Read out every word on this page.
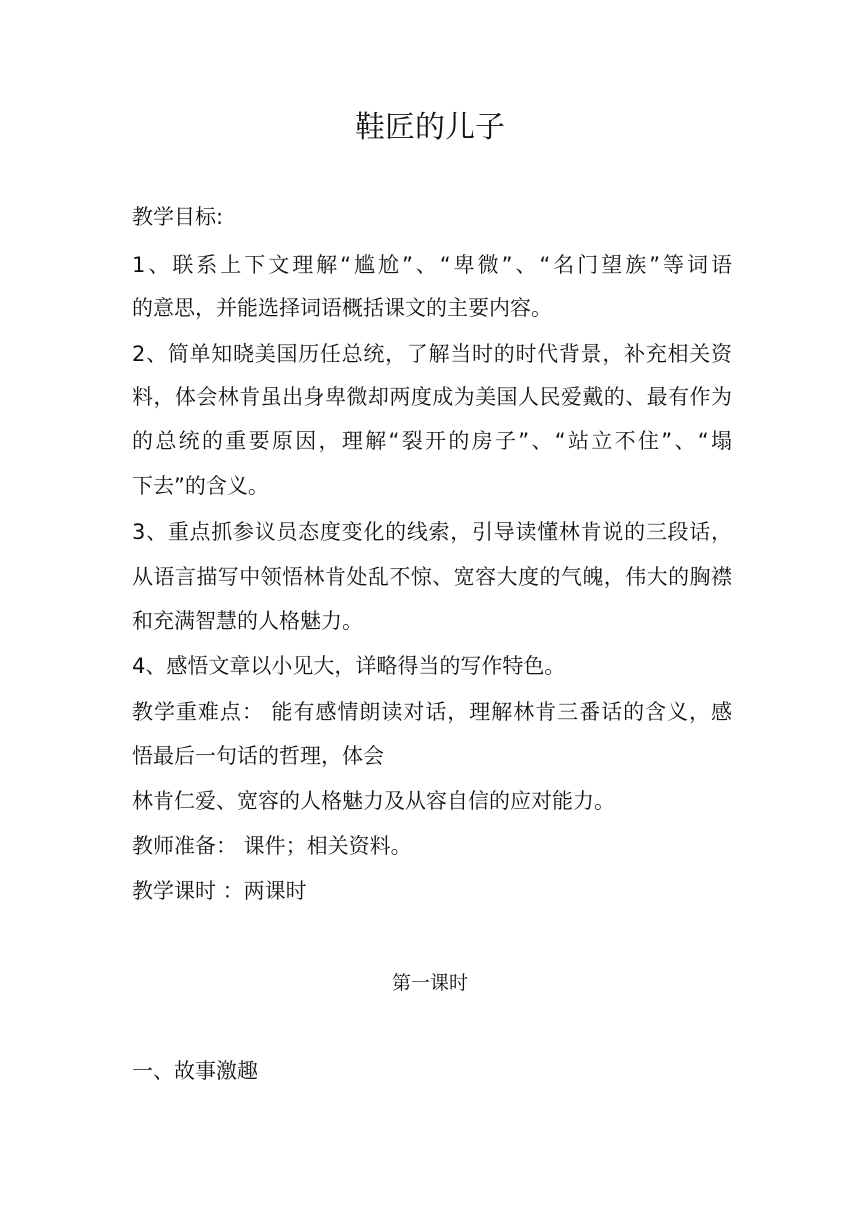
鞋匠的儿子

教学目标:

1、联系上下文理解“尴尬”、“卑微”、“名门望族”等词语

的意思，并能选择词语概括课文的主要内容。

2、简单知晓美国历任总统，了解当时的时代背景，补充相关资

料，体会林肯虽出身卑微却两度成为美国人民爱戴的、最有作为

的总统的重要原因，理解“裂开的房子”、“站立不住”、“塌

下去”的含义。

3、重点抓参议员态度变化的线索，引导读懂林肯说的三段话，

从语言描写中领悟林肯处乱不惊、宽容大度的气魄，伟大的胸襟

和充满智慧的人格魅力。

4、感悟文章以小见大，详略得当的写作特色。

教学重难点： 能有感情朗读对话，理解林肯三番话的含义，感

悟最后一句话的哲理，体会

林肯仁爱、宽容的人格魅力及从容自信的应对能力。

教师准备： 课件；相关资料。

教学课时 ：两课时

第一课时

一、故事激趣
